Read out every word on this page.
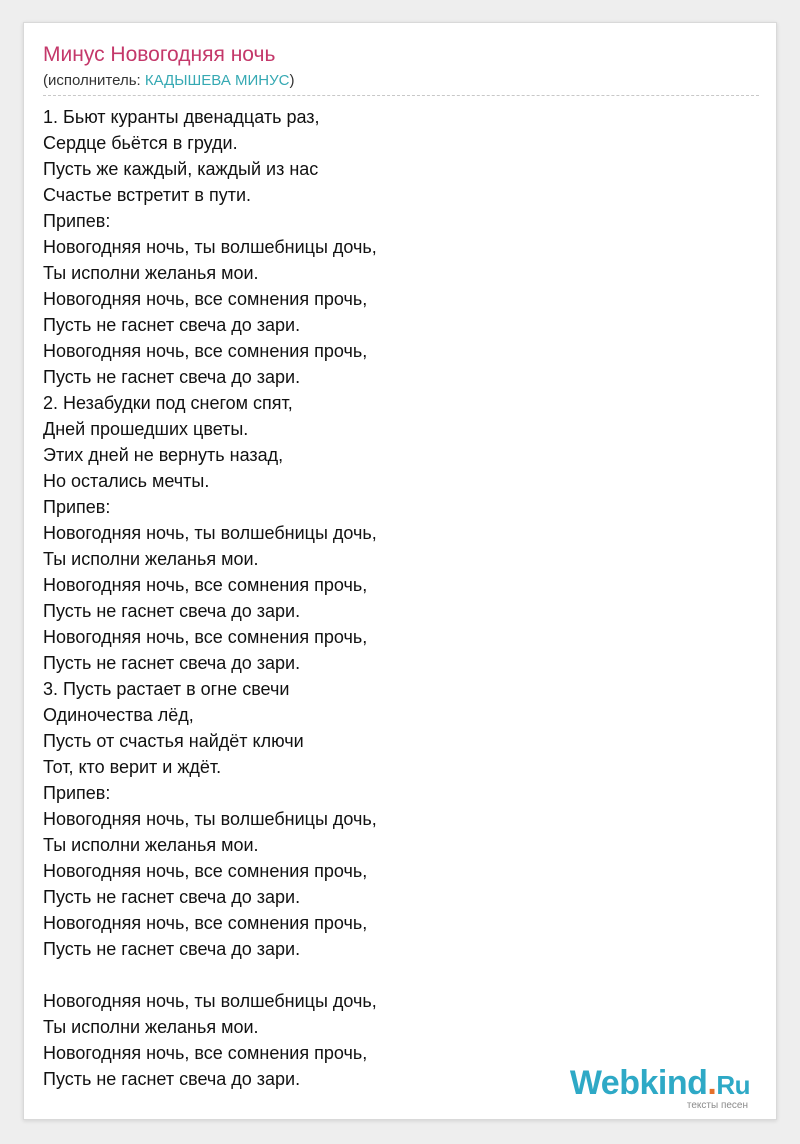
Минус Новогодняя ночь
(исполнитель: КАДЫШЕВА МИНУС)
1. Бьют куранты двенадцать раз,
Сердце бьётся в груди.
Пусть же каждый, каждый из нас
Счастье встретит в пути.
Припев:
Новогодняя ночь, ты волшебницы дочь,
Ты исполни желанья мои.
Новогодняя ночь, все сомнения прочь,
Пусть не гаснет свеча до зари.
Новогодняя ночь, все сомнения прочь,
Пусть не гаснет свеча до зари.
2. Незабудки под снегом спят,
Дней прошедших цветы.
Этих дней не вернуть назад,
Но остались мечты.
Припев:
Новогодняя ночь, ты волшебницы дочь,
Ты исполни желанья мои.
Новогодняя ночь, все сомнения прочь,
Пусть не гаснет свеча до зари.
Новогодняя ночь, все сомнения прочь,
Пусть не гаснет свеча до зари.
3. Пусть растает в огне свечи
Одиночества лёд,
Пусть от счастья найдёт ключи
Тот, кто верит и ждёт.
Припев:
Новогодняя ночь, ты волшебницы дочь,
Ты исполни желанья мои.
Новогодняя ночь, все сомнения прочь,
Пусть не гаснет свеча до зари.
Новогодняя ночь, все сомнения прочь,
Пусть не гаснет свеча до зари.
Новогодняя ночь, ты волшебницы дочь,
Ты исполни желанья мои.
Новогодняя ночь, все сомнения прочь,
Пусть не гаснет свеча до зари.	Webkind.Ru
тексты песен
